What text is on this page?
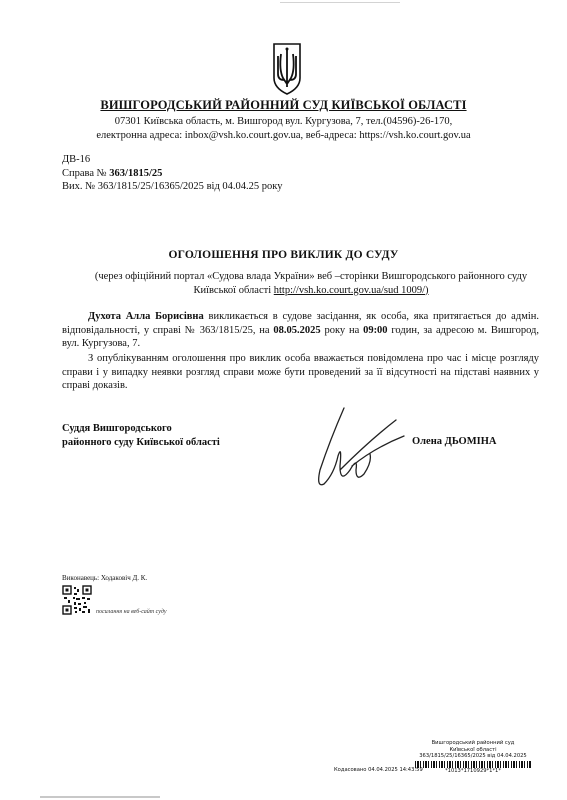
ВИШГОРОДСЬКИЙ РАЙОННИЙ СУД КИЇВСЬКОЇ ОБЛАСТІ
07301 Київська область, м. Вишгород вул. Кургузова, 7, тел.(04596)-26-170,
електронна адреса: inbox@vsh.ko.court.gov.ua, веб-адреса: https://vsh.ko.court.gov.ua
ДВ-16
Справа № 363/1815/25
Вих. № 363/1815/25/16365/2025 від 04.04.25 року
ОГОЛОШЕННЯ ПРО ВИКЛИК ДО СУДУ
(через офіційний портал «Судова влада України» веб –сторінки Вишгородського районного суду Київської області http://vsh.ko.court.gov.ua/sud 1009/)
Духота Алла Борисівна викликається в судове засідання, як особа, яка притягається до адмін. відповідальності, у справі № 363/1815/25, на 08.05.2025 року на 09:00 годин, за адресою м. Вишгород, вул. Кургузова, 7.
З опублікуванням оголошення про виклик особа вважається повідомлена про час і місце розгляду справи і у випадку неявки розгляд справи може бути проведений за її відсутності на підставі наявних у справі доказів.
Суддя Вишгородського
районного суду Київської області	Олена ДЬОМІНА
Виконавець: Ходаковіч Д. К.
посилання на веб-сайт суду
Вишгородський районний суд
Київської області
363/1815/25/16365/2025 від 04.04.2025
*1013*1710929*1*1*
Кодасовано 04.04.2025 14:43:59
